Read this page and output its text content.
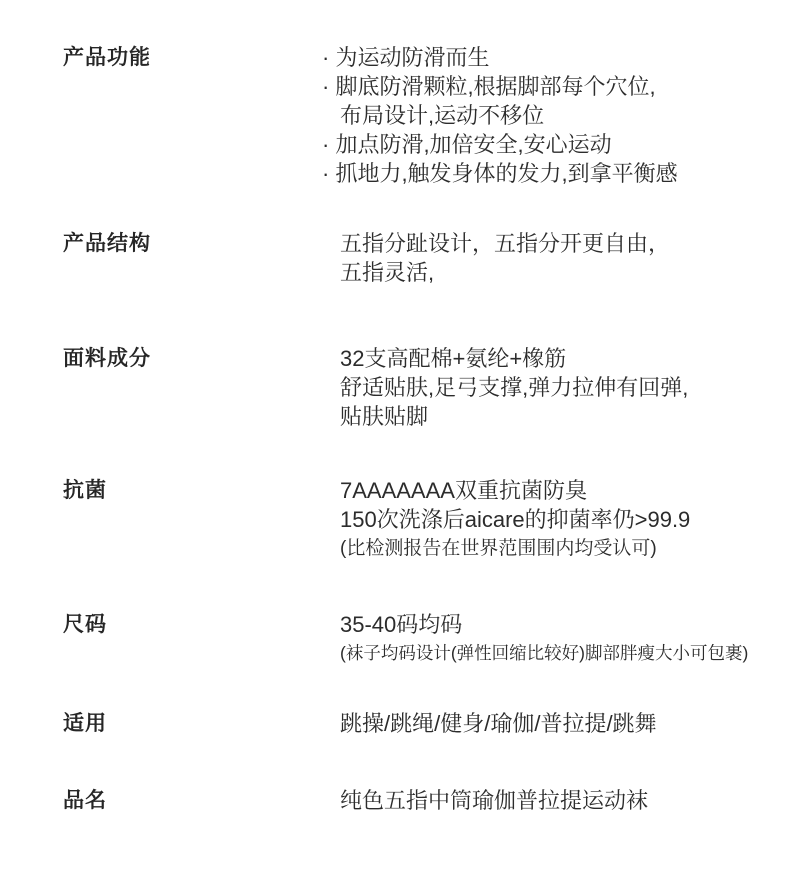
产品功能	· 为运动防滑而生
· 脚底防滑颗粒,根据脚部每个穴位,
布局设计,运动不移位
· 加点防滑,加倍安全,安心运动
· 抓地力,触发身体的发力,到拿平衡感
产品结构	五指分趾设计，五指分开更自由，
五指灵活,
面料成分	32支高配棉+氨纶+橡筋
舒适贴肤,足弓支撑,弹力拉伸有回弹,
贴肤贴脚
抗菌	7AAAAAAA双重抗菌防臭
150次洗涤后aicare的抑菌率仍>99.9
(比检测报告在世界范围围内均受认可)
尺码	35-40码均码
(袜子均码设计(弹性回缩比较好)脚部胖瘦大小可包裹)
适用	跳操/跳绳/健身/瑜伽/普拉提/跳舞
品名	纯色五指中筒瑜伽普拉提运动袜
